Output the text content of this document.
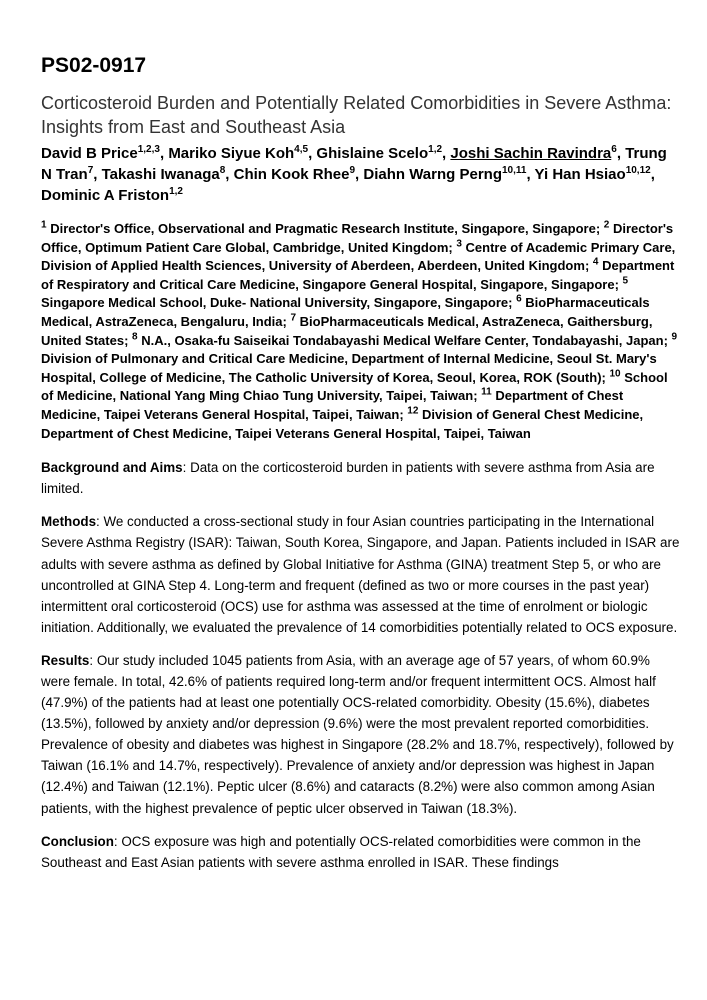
PS02-0917
Corticosteroid Burden and Potentially Related Comorbidities in Severe Asthma: Insights from East and Southeast Asia
David B Price$^{1,2,3}$, Mariko Siyue Koh$^{4,5}$, Ghislaine Scelo$^{1,2}$, Joshi Sachin Ravindra$^6$, Trung N Tran$^7$, Takashi Iwanaga$^8$, Chin Kook Rhee$^9$, Diahn Warng Perng$^{10,11}$, Yi Han Hsiao$^{10,12}$, Dominic A Friston$^{1,2}$
$^1$ Director's Office, Observational and Pragmatic Research Institute, Singapore, Singapore; $^2$ Director's Office, Optimum Patient Care Global, Cambridge, United Kingdom; $^3$ Centre of Academic Primary Care, Division of Applied Health Sciences, University of Aberdeen, Aberdeen, United Kingdom; $^4$ Department of Respiratory and Critical Care Medicine, Singapore General Hospital, Singapore, Singapore; $^5$ Singapore Medical School, Duke- National University, Singapore, Singapore; $^6$ BioPharmaceuticals Medical, AstraZeneca, Bengaluru, India; $^7$ BioPharmaceuticals Medical, AstraZeneca, Gaithersburg, United States; $^8$ N.A., Osaka-fu Saiseikai Tondabayashi Medical Welfare Center, Tondabayashi, Japan; $^9$ Division of Pulmonary and Critical Care Medicine, Department of Internal Medicine, Seoul St. Mary's Hospital, College of Medicine, The Catholic University of Korea, Seoul, Korea, ROK (South); $^{10}$ School of Medicine, National Yang Ming Chiao Tung University, Taipei, Taiwan; $^{11}$ Department of Chest Medicine, Taipei Veterans General Hospital, Taipei, Taiwan; $^{12}$ Division of General Chest Medicine, Department of Chest Medicine, Taipei Veterans General Hospital, Taipei, Taiwan

Background and Aims: Data on the corticosteroid burden in patients with severe asthma from Asia are limited.

Methods: We conducted a cross-sectional study in four Asian countries participating in the International Severe Asthma Registry (ISAR): Taiwan, South Korea, Singapore, and Japan. Patients included in ISAR are adults with severe asthma as defined by Global Initiative for Asthma (GINA) treatment Step 5, or who are uncontrolled at GINA Step 4. Long-term and frequent (defined as two or more courses in the past year) intermittent oral corticosteroid (OCS) use for asthma was assessed at the time of enrolment or biologic initiation. Additionally, we evaluated the prevalence of 14 comorbidities potentially related to OCS exposure.

Results: Our study included 1045 patients from Asia, with an average age of 57 years, of whom 60.9% were female. In total, 42.6% of patients required long-term and/or frequent intermittent OCS. Almost half (47.9%) of the patients had at least one potentially OCS-related comorbidity. Obesity (15.6%), diabetes (13.5%), followed by anxiety and/or depression (9.6%) were the most prevalent reported comorbidities. Prevalence of obesity and diabetes was highest in Singapore (28.2% and 18.7%, respectively), followed by Taiwan (16.1% and 14.7%, respectively). Prevalence of anxiety and/or depression was highest in Japan (12.4%) and Taiwan (12.1%). Peptic ulcer (8.6%) and cataracts (8.2%) were also common among Asian patients, with the highest prevalence of peptic ulcer observed in Taiwan (18.3%).

Conclusion: OCS exposure was high and potentially OCS-related comorbidities were common in the Southeast and East Asian patients with severe asthma enrolled in ISAR. These findings
